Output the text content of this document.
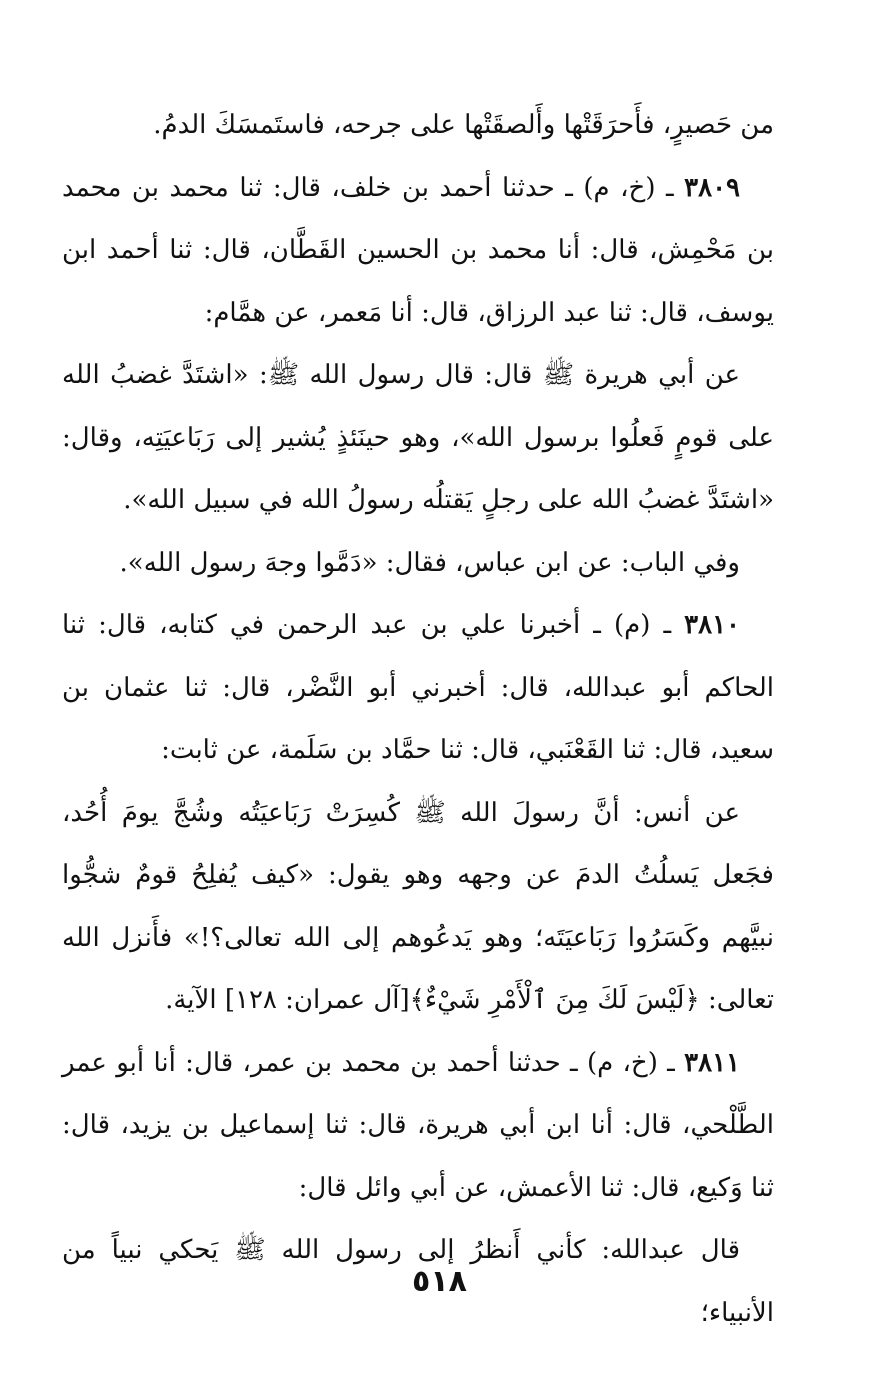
من حَصيرٍ، فأَحرَقَتْها وأَلصقَتْها على جرحه، فاستَمسَكَ الدمُ.

٣٨٠٩ ـ (خ، م) ـ حدثنا أحمد بن خلف، قال: ثنا محمد بن محمد بن مَحْمِش، قال: أنا محمد بن الحسين القَطَّان، قال: ثنا أحمد ابن يوسف، قال: ثنا عبد الرزاق، قال: أنا مَعمر، عن همَّام:

عن أبي هريرة ﷺ قال: قال رسول الله ﷺ: «اشتَدَّ غضبُ الله على قومٍ فَعلُوا برسول الله»، وهو حينَئذٍ يُشير إلى رَبَاعيَتِه، وقال: «اشتَدَّ غضبُ الله على رجلٍ يَقتلُه رسولُ الله في سبيل الله».

وفي الباب: عن ابن عباس، فقال: «دَمَّوا وجهَ رسول الله».

٣٨١٠ ـ (م) ـ أخبرنا علي بن عبد الرحمن في كتابه، قال: ثنا الحاكم أبو عبدالله، قال: أخبرني أبو النَّضْر، قال: ثنا عثمان بن سعيد، قال: ثنا القَعْنَبي، قال: ثنا حمَّاد بن سَلَمة، عن ثابت:

عن أنس: أنَّ رسولَ الله ﷺ كُسِرَتْ رَبَاعيَتُه وشُجَّ يومَ أُحُد، فجَعل يَسلُتُ الدمَ عن وجهه وهو يقول: «كيف يُفلِحُ قومٌ شجُّوا نبيَّهم وكَسَرُوا رَبَاعيَتَه؛ وهو يَدعُوهم إلى الله تعالى؟!» فأَنزل الله تعالى: ﴿لَيْسَ لَكَ مِنَ ٱلْأَمْرِ شَيْءٌ﴾[آل عمران: ١٢٨] الآية.

٣٨١١ ـ (خ، م) ـ حدثنا أحمد بن محمد بن عمر، قال: أنا أبو عمر الطَّلْحي، قال: أنا ابن أبي هريرة، قال: ثنا إسماعيل بن يزيد، قال: ثنا وَكيع، قال: ثنا الأعمش، عن أبي وائل قال:

قال عبدالله: كأني أَنظرُ إلى رسول الله ﷺ يَحكي نبياً من الأنبياء؛

٥١٨
